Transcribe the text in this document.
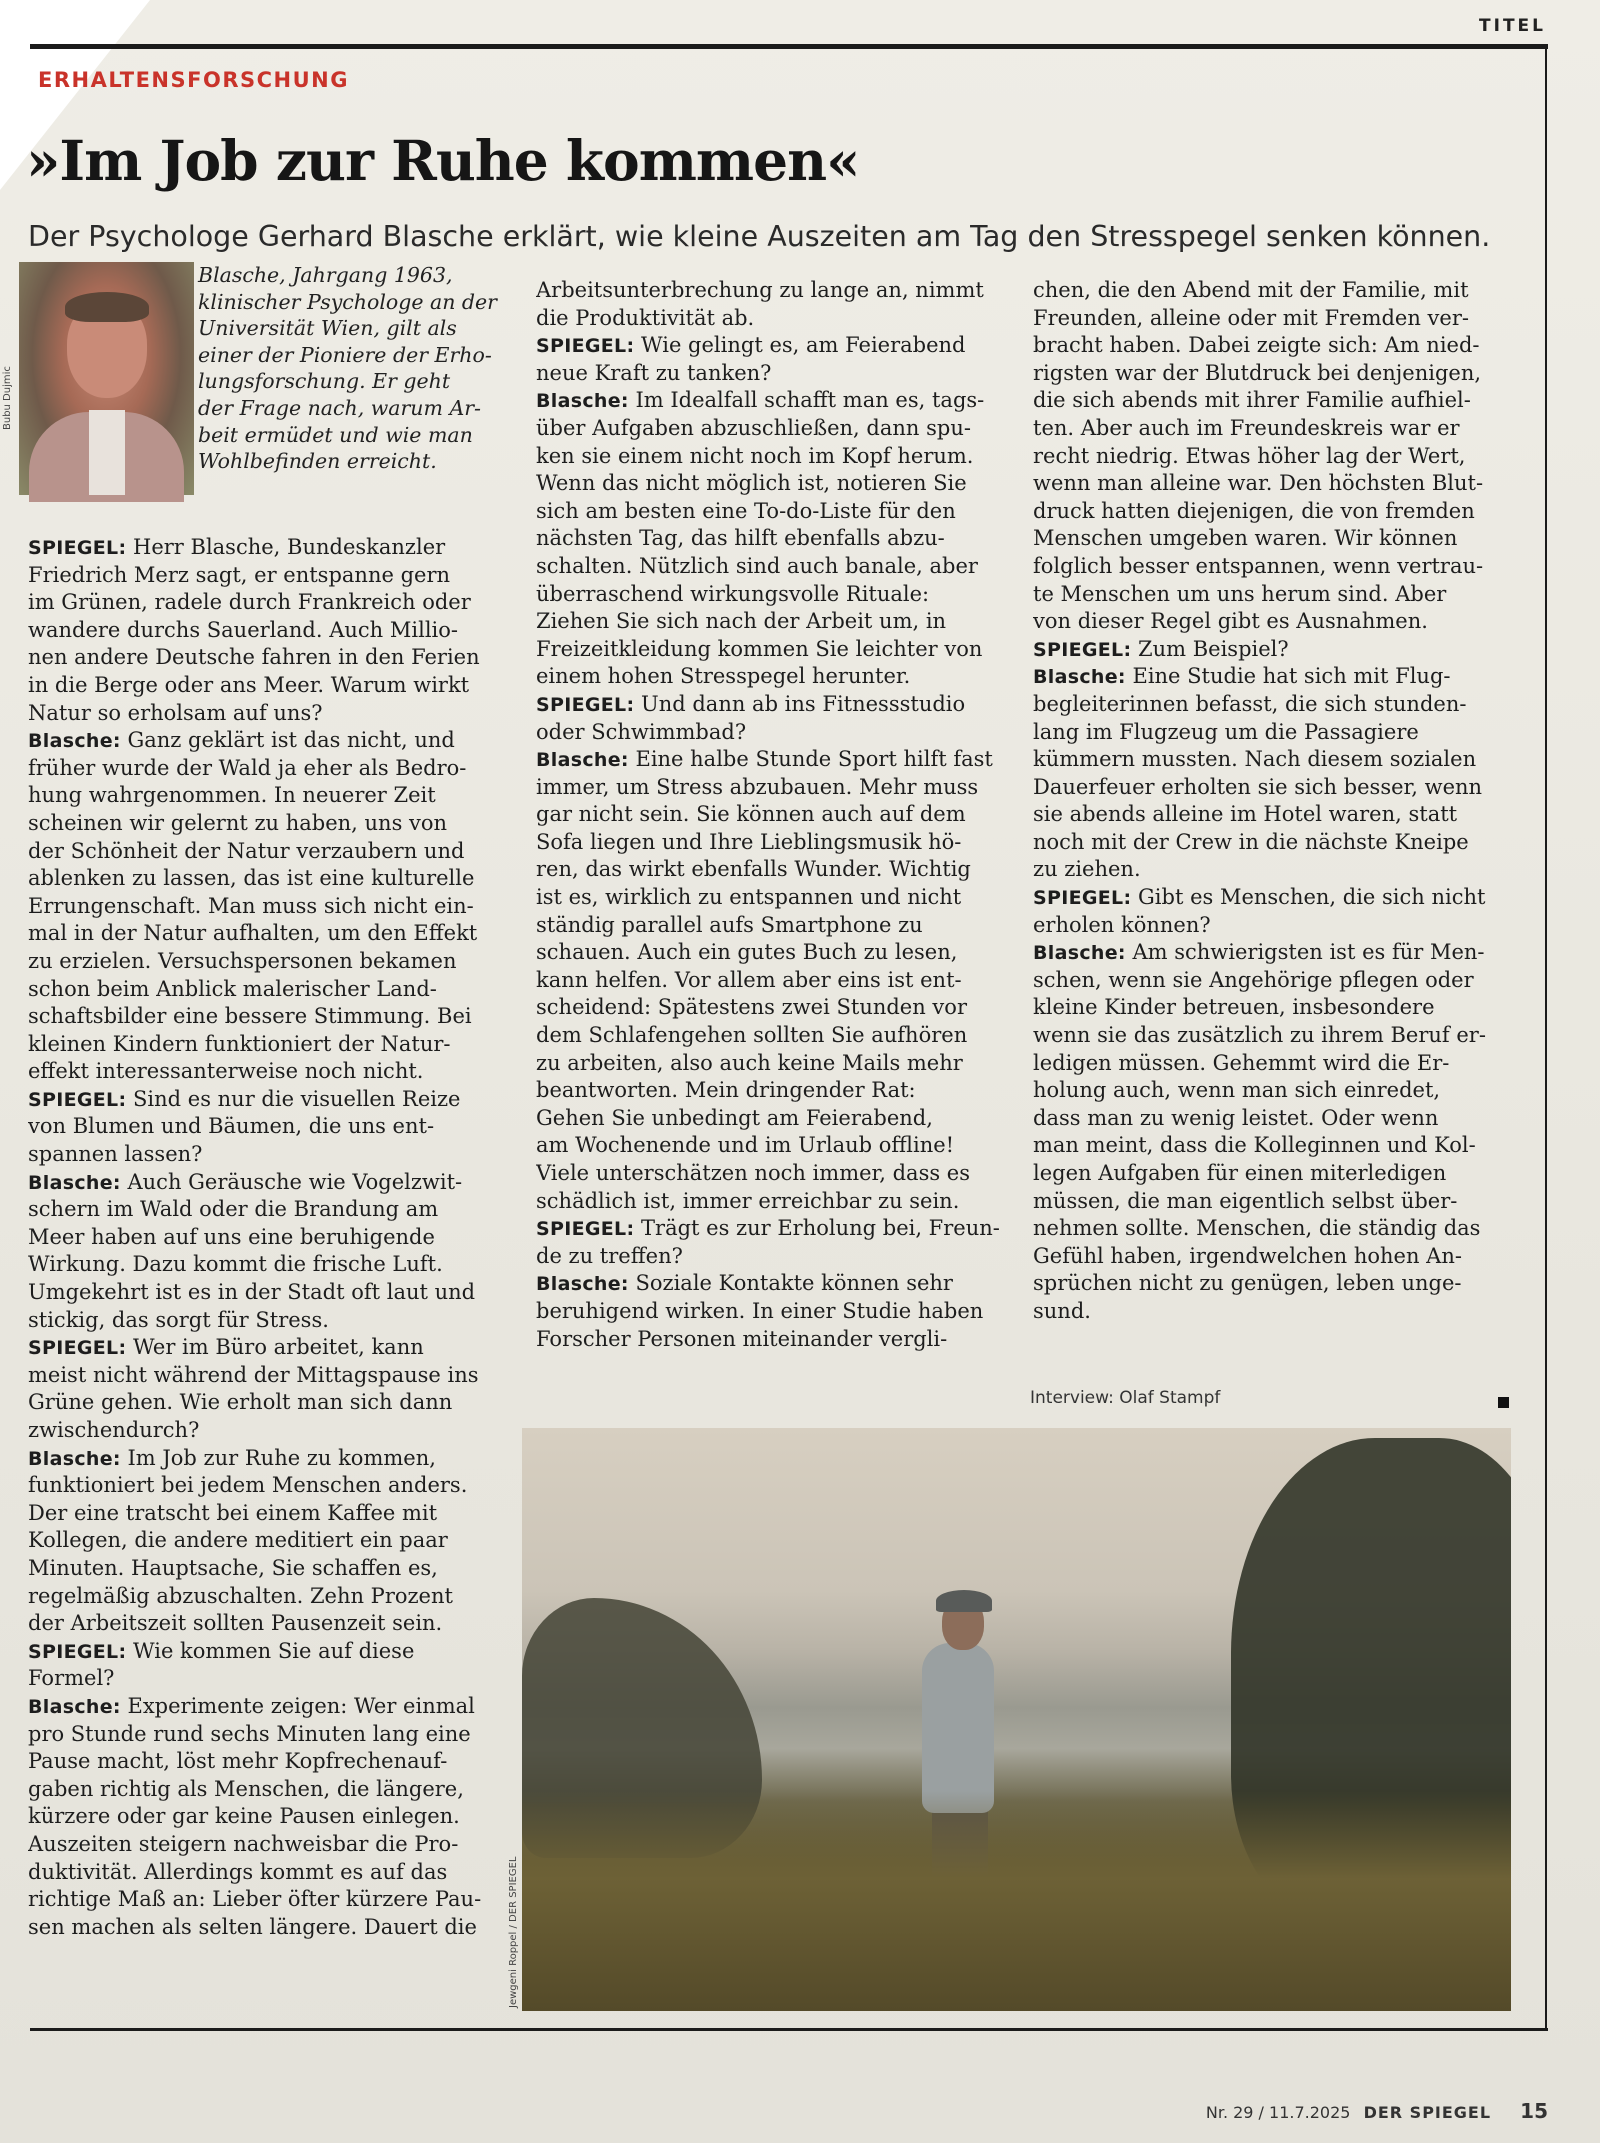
TITEL
ERHALTENSFORSCHUNG
»Im Job zur Ruhe kommen«

Der Psychologe Gerhard Blasche erklärt, wie kleine Auszeiten am Tag den Stresspegel senken können.

Bubu Dujmic
Blasche, Jahrgang 1963,
klinischer Psychologe an der
Universität Wien, gilt als
einer der Pioniere der Erho-
lungsforschung. Er geht
der Frage nach, warum Ar-
beit ermüdet und wie man
Wohlbefinden erreicht.
SPIEGEL: Herr Blasche, Bundeskanzler
Friedrich Merz sagt, er entspanne gern
im Grünen, radele durch Frankreich oder
wandere durchs Sauerland. Auch Millio-
nen andere Deutsche fahren in den Ferien
in die Berge oder ans Meer. Warum wirkt
Natur so erholsam auf uns?
Blasche: Ganz geklärt ist das nicht, und
früher wurde der Wald ja eher als Bedro-
hung wahrgenommen. In neuerer Zeit
scheinen wir gelernt zu haben, uns von
der Schönheit der Natur verzaubern und
ablenken zu lassen, das ist eine kulturelle
Errungenschaft. Man muss sich nicht ein-
mal in der Natur aufhalten, um den Effekt
zu erzielen. Versuchspersonen bekamen
schon beim Anblick malerischer Land-
schaftsbilder eine bessere Stimmung. Bei
kleinen Kindern funktioniert der Natur-
effekt interessanterweise noch nicht.
SPIEGEL: Sind es nur die visuellen Reize
von Blumen und Bäumen, die uns ent-
spannen lassen?
Blasche: Auch Geräusche wie Vogelzwit-
schern im Wald oder die Brandung am
Meer haben auf uns eine beruhigende
Wirkung. Dazu kommt die frische Luft.
Umgekehrt ist es in der Stadt oft laut und
stickig, das sorgt für Stress.
SPIEGEL: Wer im Büro arbeitet, kann
meist nicht während der Mittagspause ins
Grüne gehen. Wie erholt man sich dann
zwischendurch?
Blasche: Im Job zur Ruhe zu kommen,
funktioniert bei jedem Menschen anders.
Der eine tratscht bei einem Kaffee mit
Kollegen, die andere meditiert ein paar
Minuten. Hauptsache, Sie schaffen es,
regelmäßig abzuschalten. Zehn Prozent
der Arbeitszeit sollten Pausenzeit sein.
SPIEGEL: Wie kommen Sie auf diese
Formel?
Blasche: Experimente zeigen: Wer einmal
pro Stunde rund sechs Minuten lang eine
Pause macht, löst mehr Kopfrechenauf-
gaben richtig als Menschen, die längere,
kürzere oder gar keine Pausen einlegen.
Auszeiten steigern nachweisbar die Pro-
duktivität. Allerdings kommt es auf das
richtige Maß an: Lieber öfter kürzere Pau-
sen machen als selten längere. Dauert die
Arbeitsunterbrechung zu lange an, nimmt
die Produktivität ab.
SPIEGEL: Wie gelingt es, am Feierabend
neue Kraft zu tanken?
Blasche: Im Idealfall schafft man es, tags-
über Aufgaben abzuschließen, dann spu-
ken sie einem nicht noch im Kopf herum.
Wenn das nicht möglich ist, notieren Sie
sich am besten eine To-do-Liste für den
nächsten Tag, das hilft ebenfalls abzu-
schalten. Nützlich sind auch banale, aber
überraschend wirkungsvolle Rituale:
Ziehen Sie sich nach der Arbeit um, in
Freizeitkleidung kommen Sie leichter von
einem hohen Stresspegel herunter.
SPIEGEL: Und dann ab ins Fitnessstudio
oder Schwimmbad?
Blasche: Eine halbe Stunde Sport hilft fast
immer, um Stress abzubauen. Mehr muss
gar nicht sein. Sie können auch auf dem
Sofa liegen und Ihre Lieblingsmusik hö-
ren, das wirkt ebenfalls Wunder. Wichtig
ist es, wirklich zu entspannen und nicht
ständig parallel aufs Smartphone zu
schauen. Auch ein gutes Buch zu lesen,
kann helfen. Vor allem aber eins ist ent-
scheidend: Spätestens zwei Stunden vor
dem Schlafengehen sollten Sie aufhören
zu arbeiten, also auch keine Mails mehr
beantworten. Mein dringender Rat:
Gehen Sie unbedingt am Feierabend,
am Wochenende und im Urlaub offline!
Viele unterschätzen noch immer, dass es
schädlich ist, immer erreichbar zu sein.
SPIEGEL: Trägt es zur Erholung bei, Freun-
de zu treffen?
Blasche: Soziale Kontakte können sehr
beruhigend wirken. In einer Studie haben
Forscher Personen miteinander vergli-
chen, die den Abend mit der Familie, mit
Freunden, alleine oder mit Fremden ver-
bracht haben. Dabei zeigte sich: Am nied-
rigsten war der Blutdruck bei denjenigen,
die sich abends mit ihrer Familie aufhiel-
ten. Aber auch im Freundeskreis war er
recht niedrig. Etwas höher lag der Wert,
wenn man alleine war. Den höchsten Blut-
druck hatten diejenigen, die von fremden
Menschen umgeben waren. Wir können
folglich besser entspannen, wenn vertrau-
te Menschen um uns herum sind. Aber
von dieser Regel gibt es Ausnahmen.
SPIEGEL: Zum Beispiel?
Blasche: Eine Studie hat sich mit Flug-
begleiterinnen befasst, die sich stunden-
lang im Flugzeug um die Passagiere
kümmern mussten. Nach diesem sozialen
Dauerfeuer erholten sie sich besser, wenn
sie abends alleine im Hotel waren, statt
noch mit der Crew in die nächste Kneipe
zu ziehen.
SPIEGEL: Gibt es Menschen, die sich nicht
erholen können?
Blasche: Am schwierigsten ist es für Men-
schen, wenn sie Angehörige pflegen oder
kleine Kinder betreuen, insbesondere
wenn sie das zusätzlich zu ihrem Beruf er-
ledigen müssen. Gehemmt wird die Er-
holung auch, wenn man sich einredet,
dass man zu wenig leistet. Oder wenn
man meint, dass die Kolleginnen und Kol-
legen Aufgaben für einen miterledigen
müssen, die man eigentlich selbst über-
nehmen sollte. Menschen, die ständig das
Gefühl haben, irgendwelchen hohen An-
sprüchen nicht zu genügen, leben unge-
sund.
Interview: Olaf Stampf
Jewgeni Roppel / DER SPIEGEL
Nr. 29 / 11.7.2025 DER SPIEGEL 15
